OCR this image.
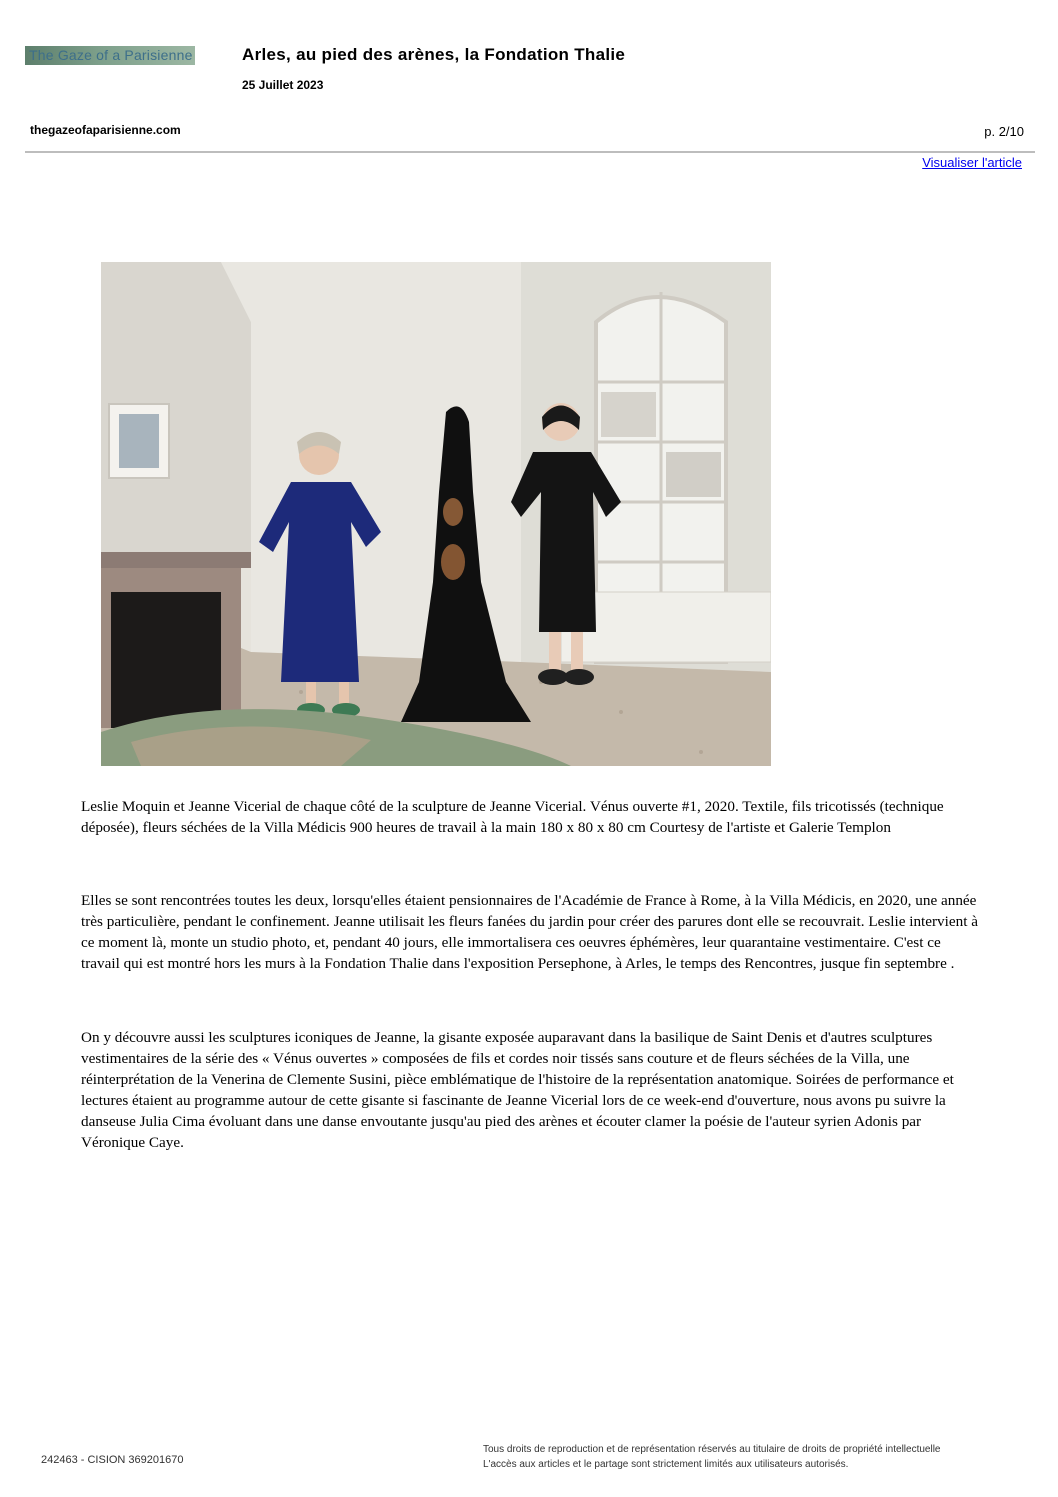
The Gaze of a Parisienne	Arles, au pied des arènes, la Fondation Thalie
25 Juillet 2023
thegazeofaparisienne.com	p. 2/10
Visualiser l'article

Leslie Moquin et Jeanne Vicerial de chaque côté de la sculpture de Jeanne Vicerial. Vénus ouverte #1, 2020. Textile, fils tricotissés (technique déposée), fleurs séchées de la Villa Médicis 900 heures de travail à la main 180 x 80 x 80 cm Courtesy de l'artiste et Galerie Templon

Elles se sont rencontrées toutes les deux, lorsqu'elles étaient pensionnaires de l'Académie de France à Rome, à la Villa Médicis, en 2020, une année très particulière, pendant le confinement. Jeanne utilisait les fleurs fanées du jardin pour créer des parures dont elle se recouvrait. Leslie intervient à ce moment là, monte un studio photo, et, pendant 40 jours, elle immortalisera ces oeuvres éphémères, leur quarantaine vestimentaire. C'est ce travail qui est montré hors les murs à la Fondation Thalie dans l'exposition Persephone, à Arles, le temps des Rencontres, jusque fin septembre .

On y découvre aussi les sculptures iconiques de Jeanne, la gisante exposée auparavant dans la basilique de Saint Denis et d'autres sculptures vestimentaires de la série des « Vénus ouvertes » composées de fils et cordes noir tissés sans couture et de fleurs séchées de la Villa, une réinterprétation de la Venerina de Clemente Susini, pièce emblématique de l'histoire de la représentation anatomique. Soirées de performance et lectures étaient au programme autour de cette gisante si fascinante de Jeanne Vicerial lors de ce week-end d'ouverture, nous avons pu suivre la danseuse Julia Cima évoluant dans une danse envoutante jusqu'au pied des arènes et écouter clamer la poésie de l'auteur syrien Adonis par Véronique Caye.

242463 - CISION 369201670
Tous droits de reproduction et de représentation réservés au titulaire de droits de propriété intellectuelle
L'accès aux articles et le partage sont strictement limités aux utilisateurs autorisés.
